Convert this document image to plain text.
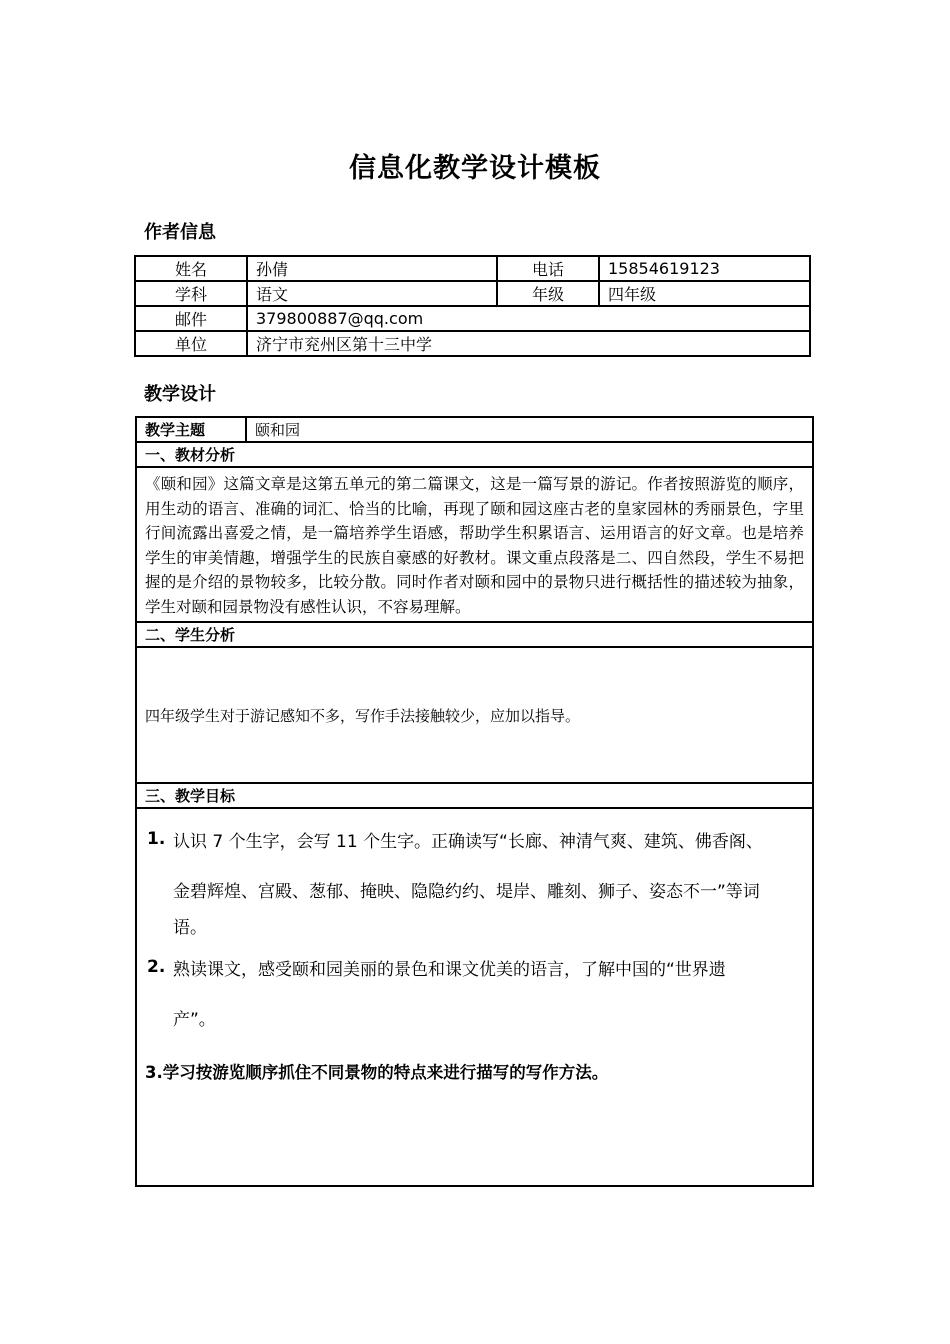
信息化教学设计模板
作者信息
姓名	孙倩	电话	15854619123
学科	语文	年级	四年级
邮件	379800887@qq.com		
单位	济宁市兖州区第十三中学		
教学设计
教学主题	颐和园
一、教材分析
《颐和园》这篇文章是这第五单元的第二篇课文，这是一篇写景的游记。作者按照游览的顺序，用生动的语言、准确的词汇、恰当的比喻，再现了颐和园这座古老的皇家园林的秀丽景色，字里行间流露出喜爱之情，是一篇培养学生语感，帮助学生积累语言、运用语言的好文章。也是培养学生的审美情趣，增强学生的民族自豪感的好教材。课文重点段落是二、四自然段，学生不易把握的是介绍的景物较多，比较分散。同时作者对颐和园中的景物只进行概括性的描述较为抽象，学生对颐和园景物没有感性认识，不容易理解。
二、学生分析
四年级学生对于游记感知不多，写作手法接触较少，应加以指导。
三、教学目标

1. 认识 7 个生字，会写 11 个生字。正确读写“长廊、神清气爽、建筑、佛香阁、
金碧辉煌、宫殿、葱郁、掩映、隐隐约约、堤岸、雕刻、狮子、姿态不一”等词
语。
2. 熟读课文，感受颐和园美丽的景色和课文优美的语言，了解中国的“世界遗
产”。
3.学习按游览顺序抓住不同景物的特点来进行描写的写作方法。
